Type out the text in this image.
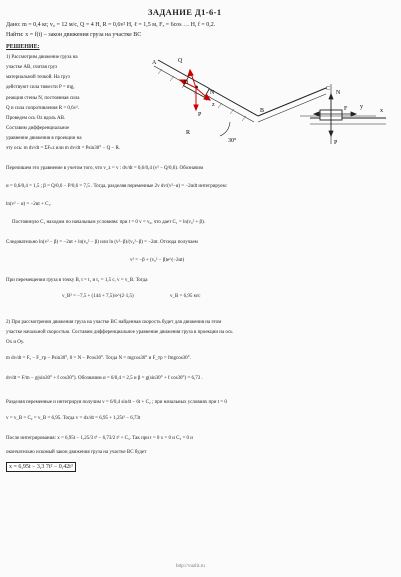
ЗАДАНИЕ Д1-6-1
Дано: m = 0,4 кг, v₀ = 12 м/с, Q = 4 Н, R = 0,6v² Н, ℓ = 1,5 м, Fₓ = 6cos … Н, f = 0,2.
Найти: x = f(t) – закон движения груза на участке BC
РЕШЕНИЕ:
1) Рассмотрим движение груза на
участке AB, считая груз
материальной точкой. На груз
действуют сила тяжести P = mg,
реакция стены N, постоянная сила
Q и сила сопротивления R = 0,6v².
Проведем ось Oz вдоль AB.
Составим дифференциальное
уравнение движения в проекции на
эту ось: m dv/dt = ΣFₖz или m dv/dt = Psin30° − Q − R.
A	Q
D
N
z
P
R
30°
B
C
N
F y
x
P
Перепишем это уравнение в учетом того, что v_z = v : dv/dt = 0,6/0,4 (v² − Q/0,6). Обозначим
α = 0,6/0,4 = 1,5 ; β = Q/0,6 − P/0,6 = 7,5 . Тогда, разделяя переменные 2v dv/(v²−α) = −2αdt интегрируем:
ln(v² − α) = −2αt + C₁.
Постоянную C₁ находим по начальным условиям: при t = 0 v = v₀, что дает C₁ = ln(v₀² + β).
Следовательно ln(v² − β) = −2αt + ln(v₀² − β) или ln (v²−β)/(v₀²−β) = −2αt. Отсюда получаем
v² = −β + (v₀² − β)e^(−2αt)
При перемещении груза в точку B, t = t₁ и t₁ = 1,5 с, v = v_B. Тогда
v_B² = −7,5 + (144 + 7,5)/e^(2·1,5)	v_B = 6,95 м/с
2) При рассмотрении движения груза на участке BC найденная скорость будет для движения на этом
участке начальной скоростью. Составим дифференциальное уравнение движения груза в проекции на ось
Ox и Oy.
m dv/dt = Fₓ − F_тр − Psin30°, 0 = N − Pcos30°. Тогда N = mgcos30° и F_тр = fmgcos30°.
dv/dt = F/m − g(sin30° + f cos30°). Обозначим α = 6/0,4 = 2,5 и β = g(sin30° + f cos30°) = 6,73 .
Разделяя переменные и интегрируя получим v = 6/0,4 sin4t − 6t + C₂ ; при начальных условиях при t = 0
v = v_B = C₂ = v_B = 6,95. Тогда v = dx/dt = 6,95 + 1,25t² − 6,73t
После интегрирования: x = 6,95t − 1,25/3 t³ − 6,73/2 t² + C₃. Так при t = 0 x = 0 и C₃ = 0 и
окончательно искомый закон движения груза на участке BC будет
x = 6,95t − 3,3 7t² − 0,42t³
http://vuzlit.ru
